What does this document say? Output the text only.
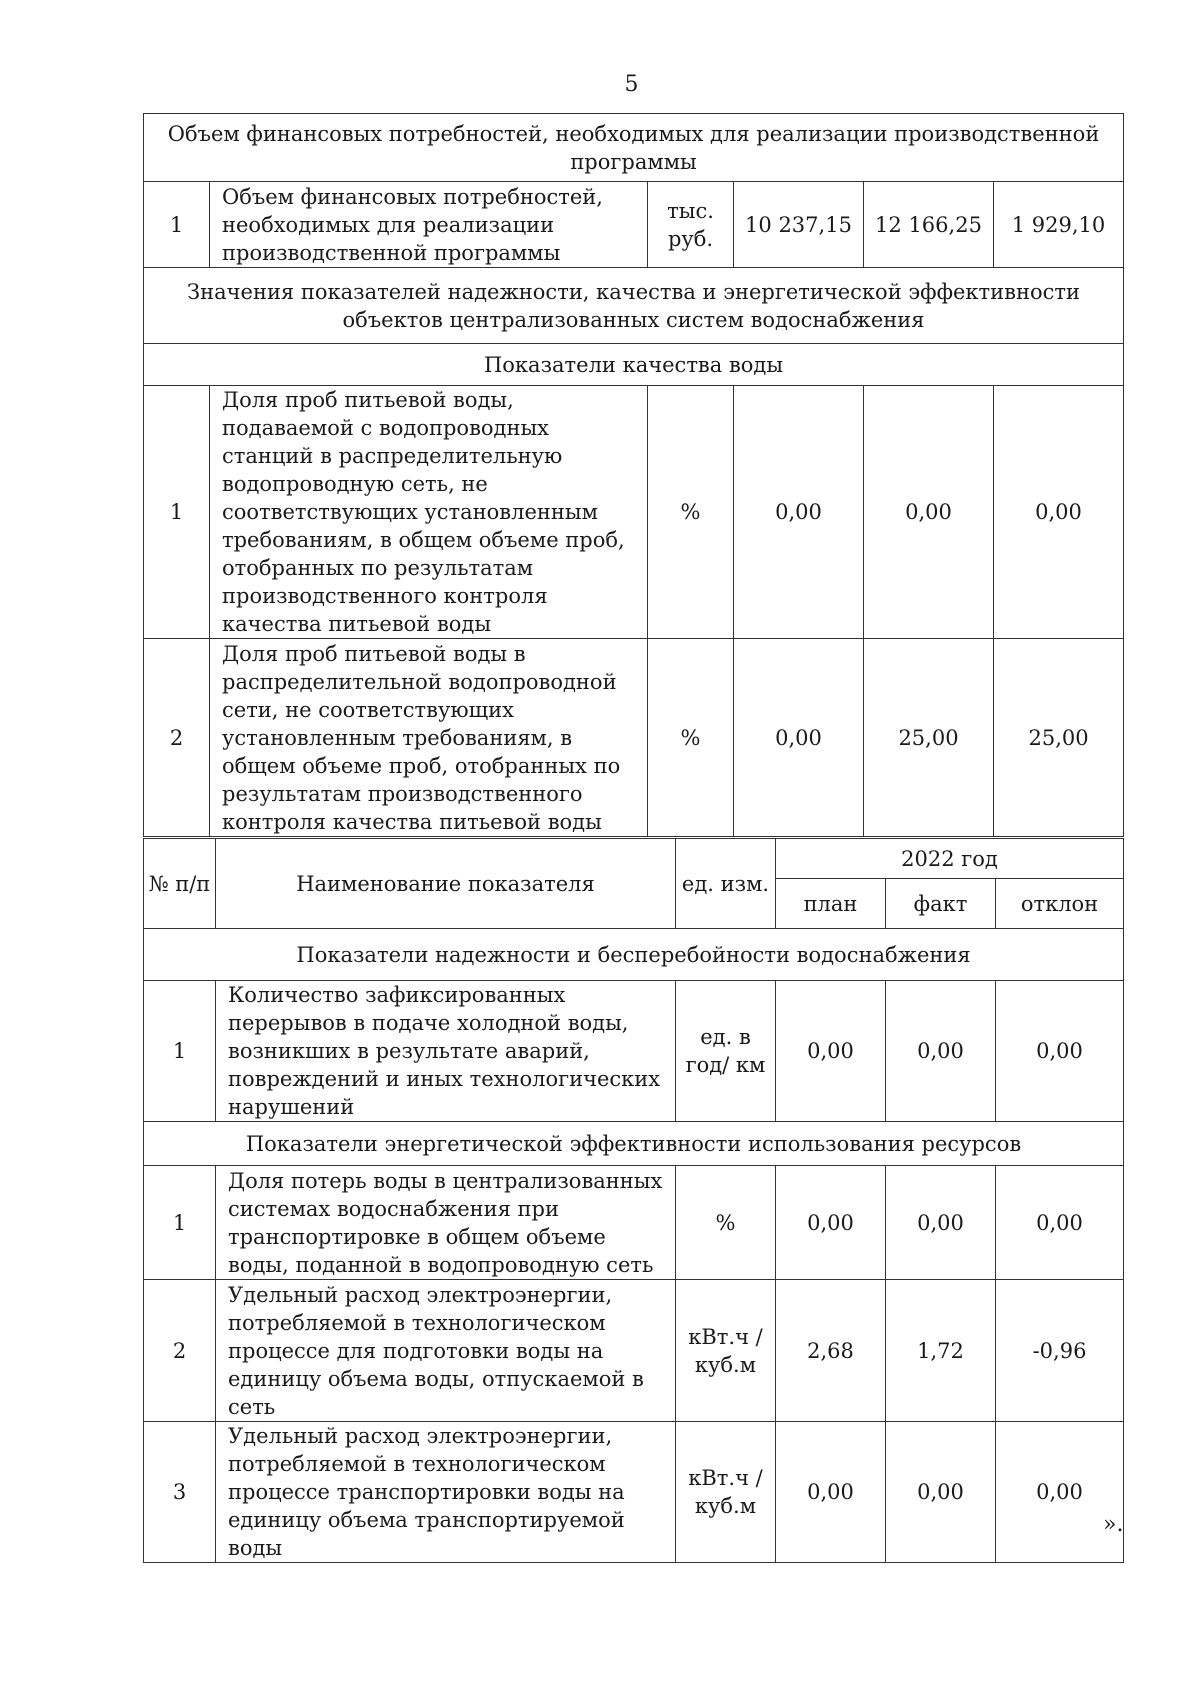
5
Объем финансовых потребностей, необходимых для реализации производственной программы					
1	Объем финансовых потребностей, необходимых для реализации производственной программы	тыс. руб.	10 237,15	12 166,25	1 929,10
Значения показателей надежности, качества и энергетической эффективности объектов централизованных систем водоснабжения					
Показатели качества воды					
1	Доля проб питьевой воды, подаваемой с водопроводных станций в распределительную водопроводную сеть, не соответствующих установленным требованиям, в общем объеме проб, отобранных по результатам производственного контроля качества питьевой воды	%	0,00	0,00	0,00
2	Доля проб питьевой воды в распределительной водопроводной сети, не соответствующих установленным требованиям, в общем объеме проб, отобранных по результатам производственного контроля качества питьевой воды	%	0,00	25,00	25,00
№ п/п	Наименование показателя	ед. изм.	2022 год		
			план	факт	отклон
Показатели надежности и бесперебойности водоснабжения					
1	Количество зафиксированных перерывов в подаче холодной воды, возникших в результате аварий, повреждений и иных технологических нарушений	ед. в год/ км	0,00	0,00	0,00
Показатели энергетической эффективности использования ресурсов					
1	Доля потерь воды в централизованных системах водоснабжения при транспортировке в общем объеме воды, поданной в водопроводную сеть	%	0,00	0,00	0,00
2	Удельный расход электроэнергии, потребляемой в технологическом процессе для подготовки воды на единицу объема воды, отпускаемой в сеть	кВт.ч / куб.м	2,68	1,72	-0,96
3	Удельный расход электроэнергии, потребляемой в технологическом процессе транспортировки воды на единицу объема транспортируемой воды	кВт.ч / куб.м	0,00	0,00	0,00
».
